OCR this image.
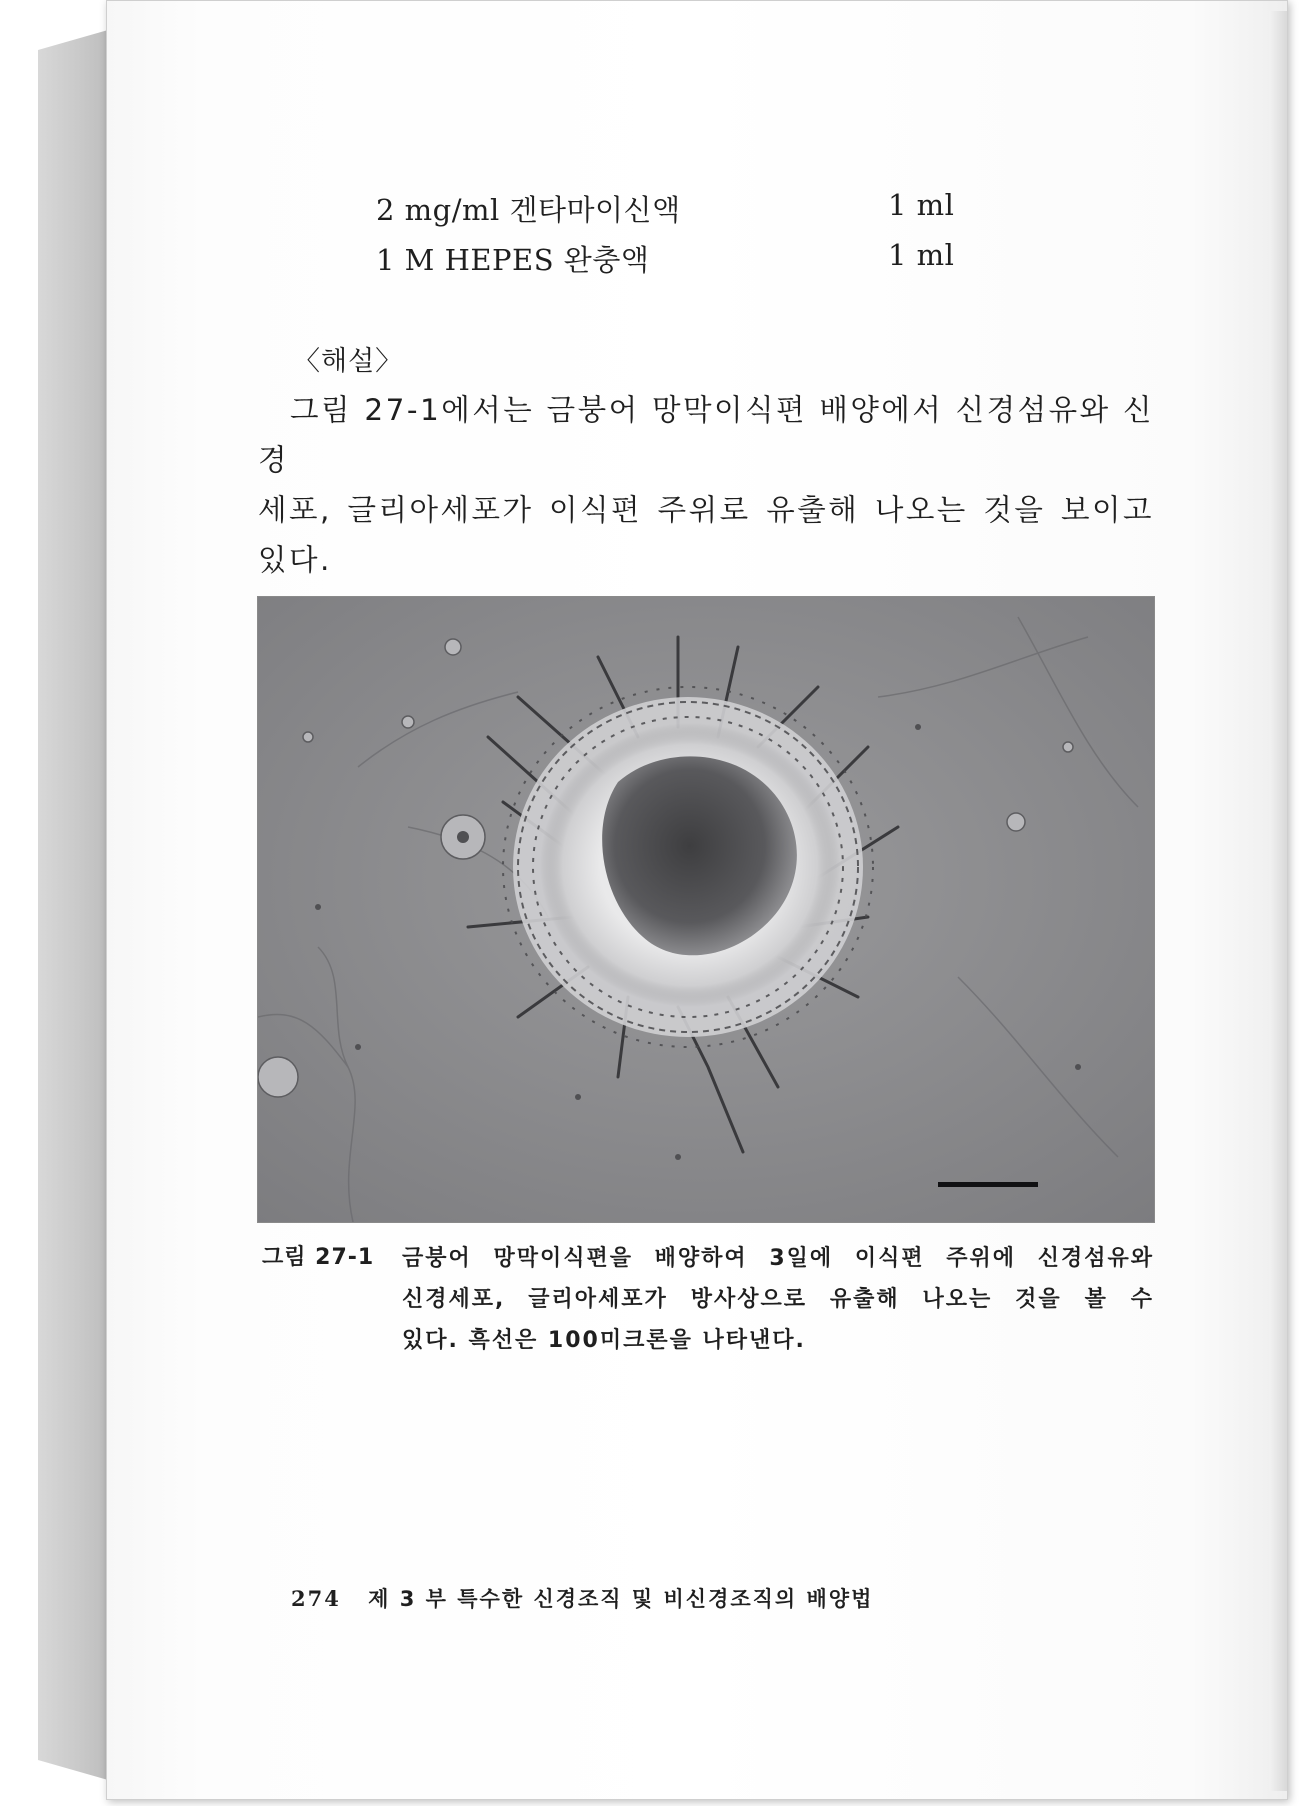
2 mg/ml 겐타마이신액	1 ml
1 M HEPES 완충액	1 ml
〈해설〉
그림 27-1에서는 금붕어 망막이식편 배양에서 신경섬유와 신경
세포, 글리아세포가 이식편 주위로 유출해 나오는 것을 보이고
있다.
그림 27-1 금붕어 망막이식편을 배양하여 3일에 이식편 주위에 신경섬유와
신경세포, 글리아세포가 방사상으로 유출해 나오는 것을 볼 수
있다. 흑선은 100미크론을 나타낸다.
274 제 3 부 특수한 신경조직 및 비신경조직의 배양법
